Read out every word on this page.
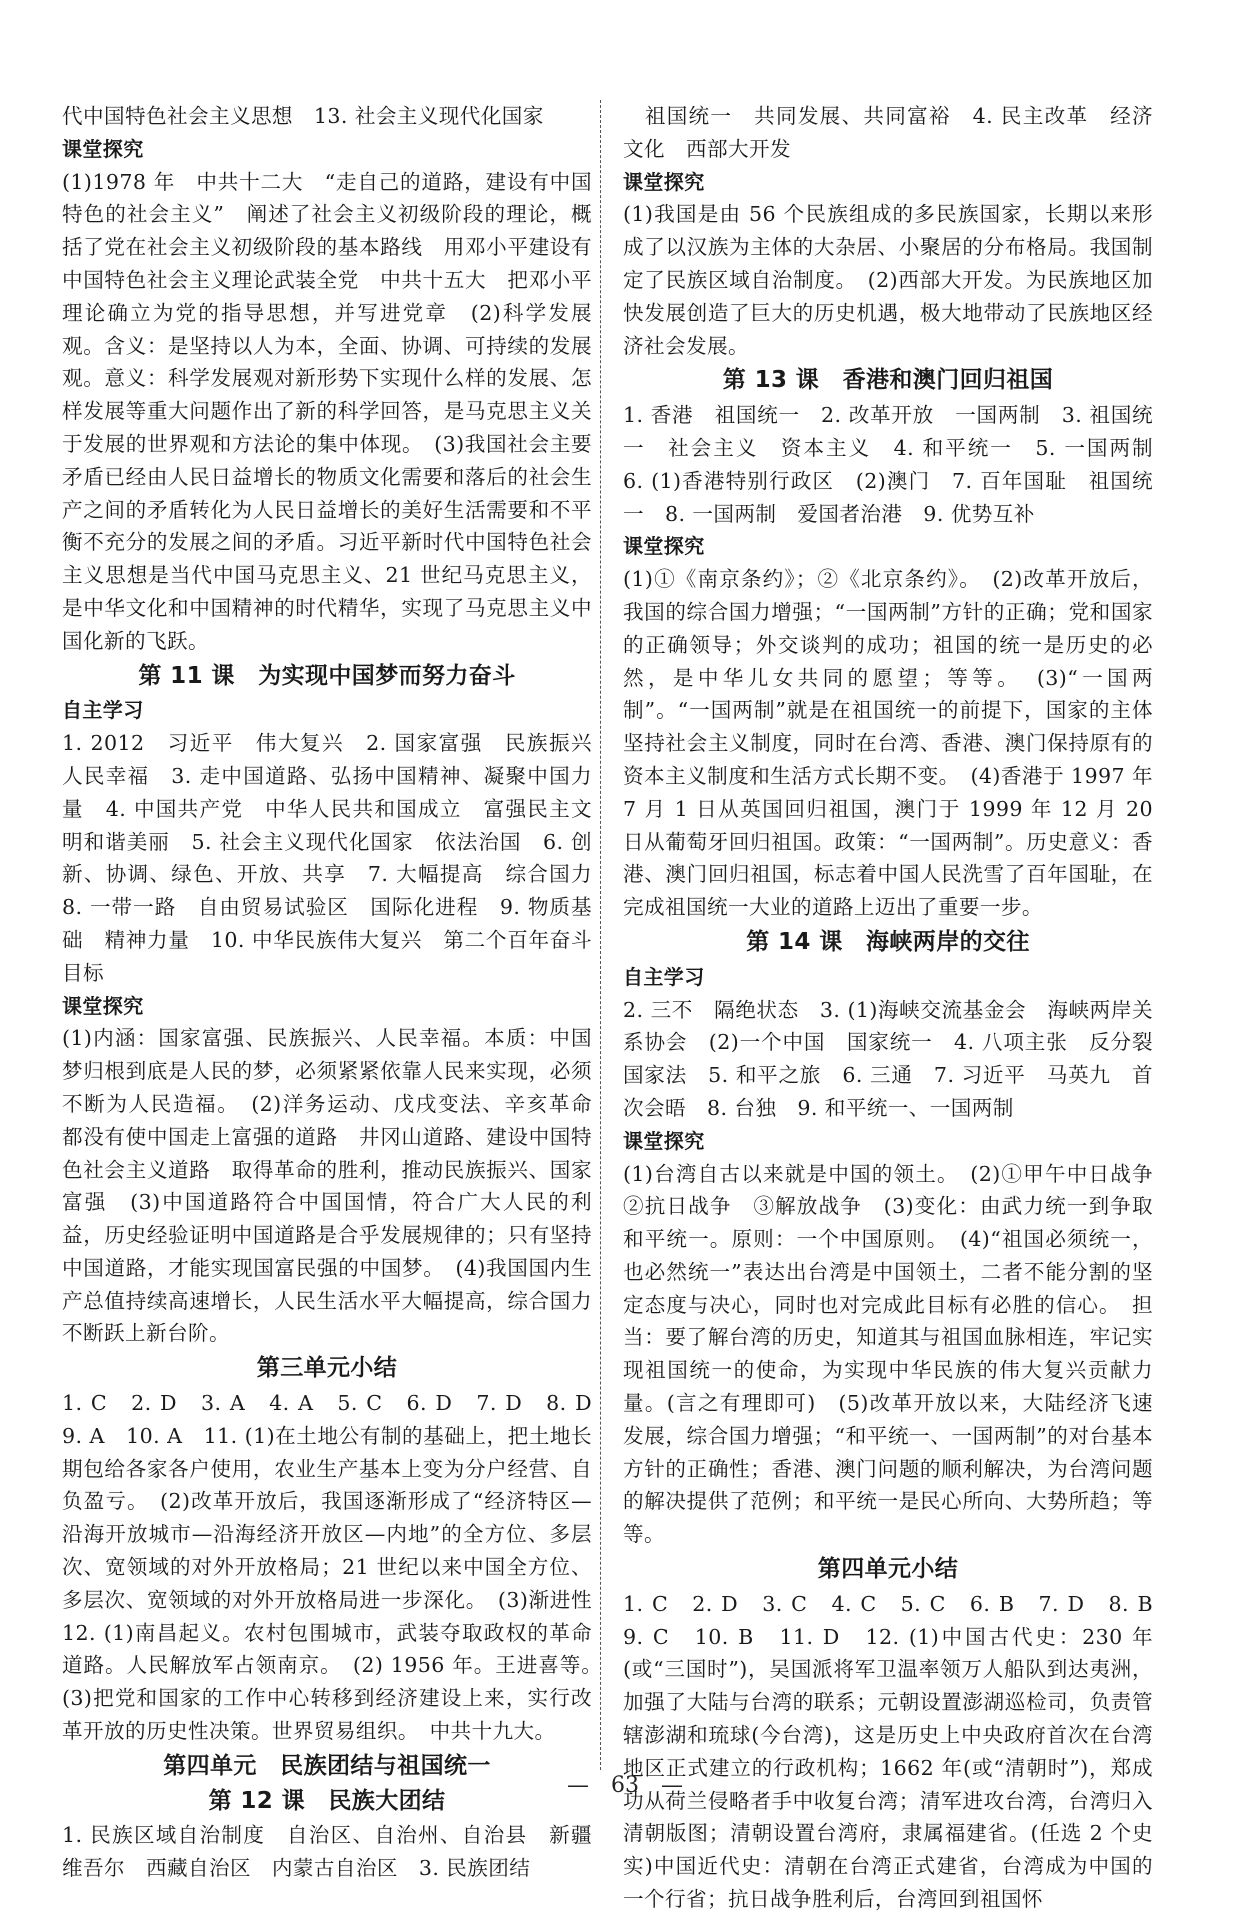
代中国特色社会主义思想　13. 社会主义现代化国家

课堂探究

(1)1978 年　中共十二大　“走自己的道路，建设有中国特色的社会主义”　阐述了社会主义初级阶段的理论，概括了党在社会主义初级阶段的基本路线　用邓小平建设有中国特色社会主义理论武装全党　中共十五大　把邓小平理论确立为党的指导思想，并写进党章　(2)科学发展观。含义：是坚持以人为本，全面、协调、可持续的发展观。意义：科学发展观对新形势下实现什么样的发展、怎样发展等重大问题作出了新的科学回答，是马克思主义关于发展的世界观和方法论的集中体现。　(3)我国社会主要矛盾已经由人民日益增长的物质文化需要和落后的社会生产之间的矛盾转化为人民日益增长的美好生活需要和不平衡不充分的发展之间的矛盾。习近平新时代中国特色社会主义思想是当代中国马克思主义、21 世纪马克思主义，是中华文化和中国精神的时代精华，实现了马克思主义中国化新的飞跃。

第 11 课　为实现中国梦而努力奋斗

自主学习

1. 2012　习近平　伟大复兴　2. 国家富强　民族振兴　人民幸福　3. 走中国道路、弘扬中国精神、凝聚中国力量　4. 中国共产党　中华人民共和国成立　富强民主文明和谐美丽　5. 社会主义现代化国家　依法治国　6. 创新、协调、绿色、开放、共享　7. 大幅提高　综合国力　8. 一带一路　自由贸易试验区　国际化进程　9. 物质基础　精神力量　10. 中华民族伟大复兴　第二个百年奋斗目标

课堂探究

(1)内涵：国家富强、民族振兴、人民幸福。本质：中国梦归根到底是人民的梦，必须紧紧依靠人民来实现，必须不断为人民造福。　(2)洋务运动、戊戌变法、辛亥革命　都没有使中国走上富强的道路　井冈山道路、建设中国特色社会主义道路　取得革命的胜利，推动民族振兴、国家富强　(3)中国道路符合中国国情，符合广大人民的利益，历史经验证明中国道路是合乎发展规律的；只有坚持中国道路，才能实现国富民强的中国梦。　(4)我国国内生产总值持续高速增长，人民生活水平大幅提高，综合国力不断跃上新台阶。

第三单元小结

1. C　2. D　3. A　4. A　5. C　6. D　7. D　8. D　9. A　10. A　11. (1)在土地公有制的基础上，把土地长期包给各家各户使用，农业生产基本上变为分户经营、自负盈亏。　(2)改革开放后，我国逐渐形成了“经济特区—沿海开放城市—沿海经济开放区—内地”的全方位、多层次、宽领域的对外开放格局；21 世纪以来中国全方位、多层次、宽领域的对外开放格局进一步深化。　(3)渐进性　12. (1)南昌起义。农村包围城市，武装夺取政权的革命道路。人民解放军占领南京。　(2) 1956 年。王进喜等。　(3)把党和国家的工作中心转移到经济建设上来，实行改革开放的历史性决策。世界贸易组织。　中共十九大。

第四单元　民族团结与祖国统一

第 12 课　民族大团结

1. 民族区域自治制度　自治区、自治州、自治县　新疆维吾尔　西藏自治区　内蒙古自治区　3. 民族团结

　祖国统一　共同发展、共同富裕　4. 民主改革　经济　文化　西部大开发

课堂探究

(1)我国是由 56 个民族组成的多民族国家，长期以来形成了以汉族为主体的大杂居、小聚居的分布格局。我国制定了民族区域自治制度。　(2)西部大开发。为民族地区加快发展创造了巨大的历史机遇，极大地带动了民族地区经济社会发展。

第 13 课　香港和澳门回归祖国

1. 香港　祖国统一　2. 改革开放　一国两制　3. 祖国统一　社会主义　资本主义　4. 和平统一　5. 一国两制　6. (1)香港特别行政区　(2)澳门　7. 百年国耻　祖国统一　8. 一国两制　爱国者治港　9. 优势互补

课堂探究

(1)①《南京条约》；②《北京条约》。　(2)改革开放后，我国的综合国力增强；“一国两制”方针的正确；党和国家的正确领导；外交谈判的成功；祖国的统一是历史的必然，是中华儿女共同的愿望；等等。　(3)“一国两制”。“一国两制”就是在祖国统一的前提下，国家的主体坚持社会主义制度，同时在台湾、香港、澳门保持原有的资本主义制度和生活方式长期不变。　(4)香港于 1997 年 7 月 1 日从英国回归祖国，澳门于 1999 年 12 月 20 日从葡萄牙回归祖国。政策：“一国两制”。历史意义：香港、澳门回归祖国，标志着中国人民洗雪了百年国耻，在完成祖国统一大业的道路上迈出了重要一步。

第 14 课　海峡两岸的交往

自主学习

2. 三不　隔绝状态　3. (1)海峡交流基金会　海峡两岸关系协会　(2)一个中国　国家统一　4. 八项主张　反分裂国家法　5. 和平之旅　6. 三通　7. 习近平　马英九　首次会晤　8. 台独　9. 和平统一、一国两制

课堂探究

(1)台湾自古以来就是中国的领土。　(2)①甲午中日战争　②抗日战争　③解放战争　(3)变化：由武力统一到争取和平统一。原则：一个中国原则。　(4)“祖国必须统一，也必然统一”表达出台湾是中国领土，二者不能分割的坚定态度与决心，同时也对完成此目标有必胜的信心。　担当：要了解台湾的历史，知道其与祖国血脉相连，牢记实现祖国统一的使命，为实现中华民族的伟大复兴贡献力量。(言之有理即可)　(5)改革开放以来，大陆经济飞速发展，综合国力增强；“和平统一、一国两制”的对台基本方针的正确性；香港、澳门问题的顺利解决，为台湾问题的解决提供了范例；和平统一是民心所向、大势所趋；等等。

第四单元小结

1. C　2. D　3. C　4. C　5. C　6. B　7. D　8. B　9. C　10. B　11. D　12. (1)中国古代史：230 年(或“三国时”)，吴国派将军卫温率领万人船队到达夷洲，加强了大陆与台湾的联系；元朝设置澎湖巡检司，负责管辖澎湖和琉球(今台湾)，这是历史上中央政府首次在台湾地区正式建立的行政机构；1662 年(或“清朝时”)，郑成功从荷兰侵略者手中收复台湾；清军进攻台湾，台湾归入清朝版图；清朝设置台湾府，隶属福建省。(任选 2 个史实)中国近代史：清朝在台湾正式建省，台湾成为中国的一个行省；抗日战争胜利后，台湾回到祖国怀

—　63　—
